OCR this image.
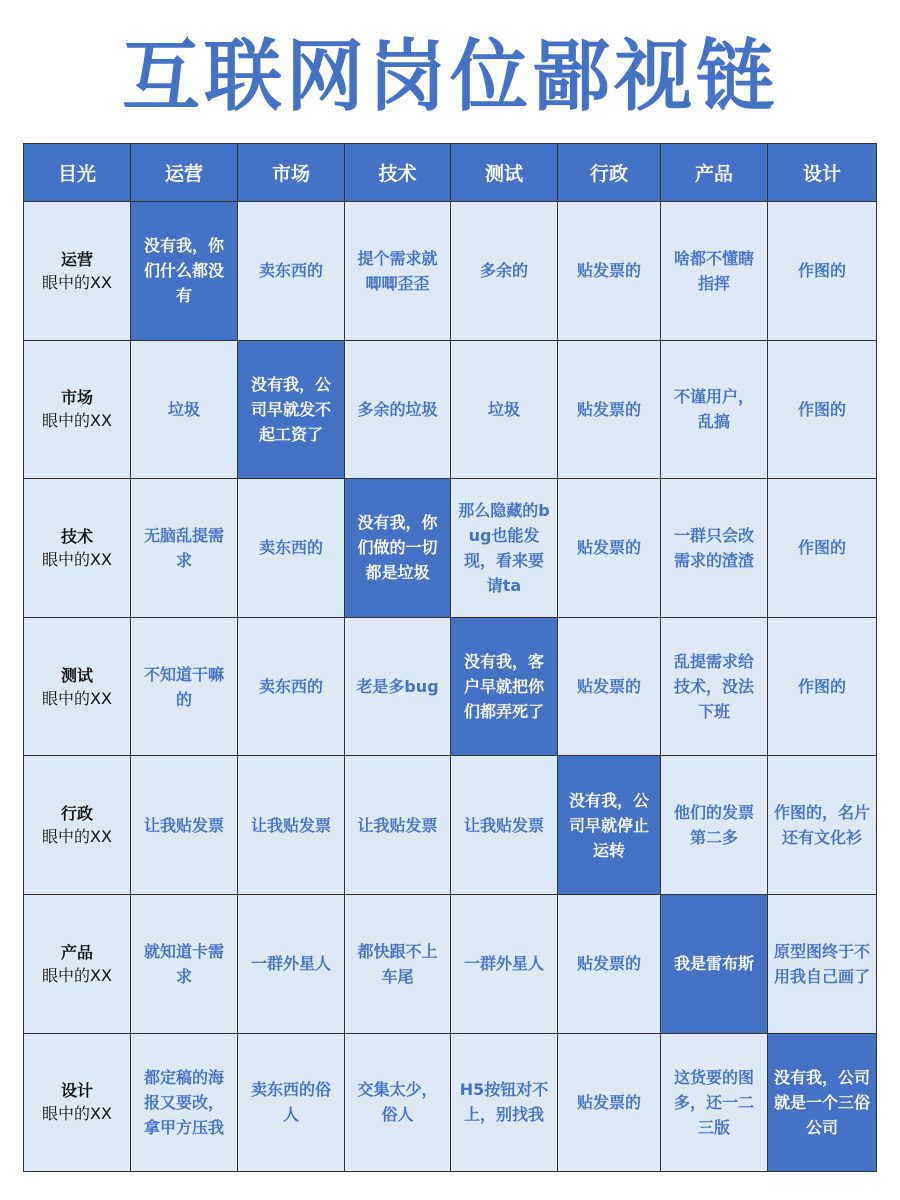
互联网岗位鄙视链
目光	运营	市场	技术	测试	行政	产品	设计

运营
眼中的XX	没有我，你们什么都没有	卖东西的	提个需求就唧唧歪歪	多余的	贴发票的	啥都不懂瞎指挥	作图的

市场
眼中的XX	垃圾	没有我，公司早就发不起工资了	多余的垃圾	垃圾	贴发票的	不谨用户，乱搞	作图的

技术
眼中的XX	无脑乱提需求	卖东西的	没有我，你们做的一切都是垃圾	那么隐藏的bug也能发现，看来要请ta	贴发票的	一群只会改需求的渣渣	作图的

测试
眼中的XX	不知道干嘛的	卖东西的	老是多bug	没有我，客户早就把你们都弄死了	贴发票的	乱提需求给技术，没法下班	作图的

行政
眼中的XX	让我贴发票	让我贴发票	让我贴发票	让我贴发票	没有我，公司早就停止运转	他们的发票第二多	作图的，名片还有文化衫

产品
眼中的XX	就知道卡需求	一群外星人	都快跟不上车尾	一群外星人	贴发票的	我是雷布斯	原型图终于不用我自己画了

设计
眼中的XX	都定稿的海报又要改，拿甲方压我	卖东西的俗人	交集太少，俗人	H5按钮对不上，别找我	贴发票的	这货要的图多，还一二三版	没有我，公司就是一个三俗公司
